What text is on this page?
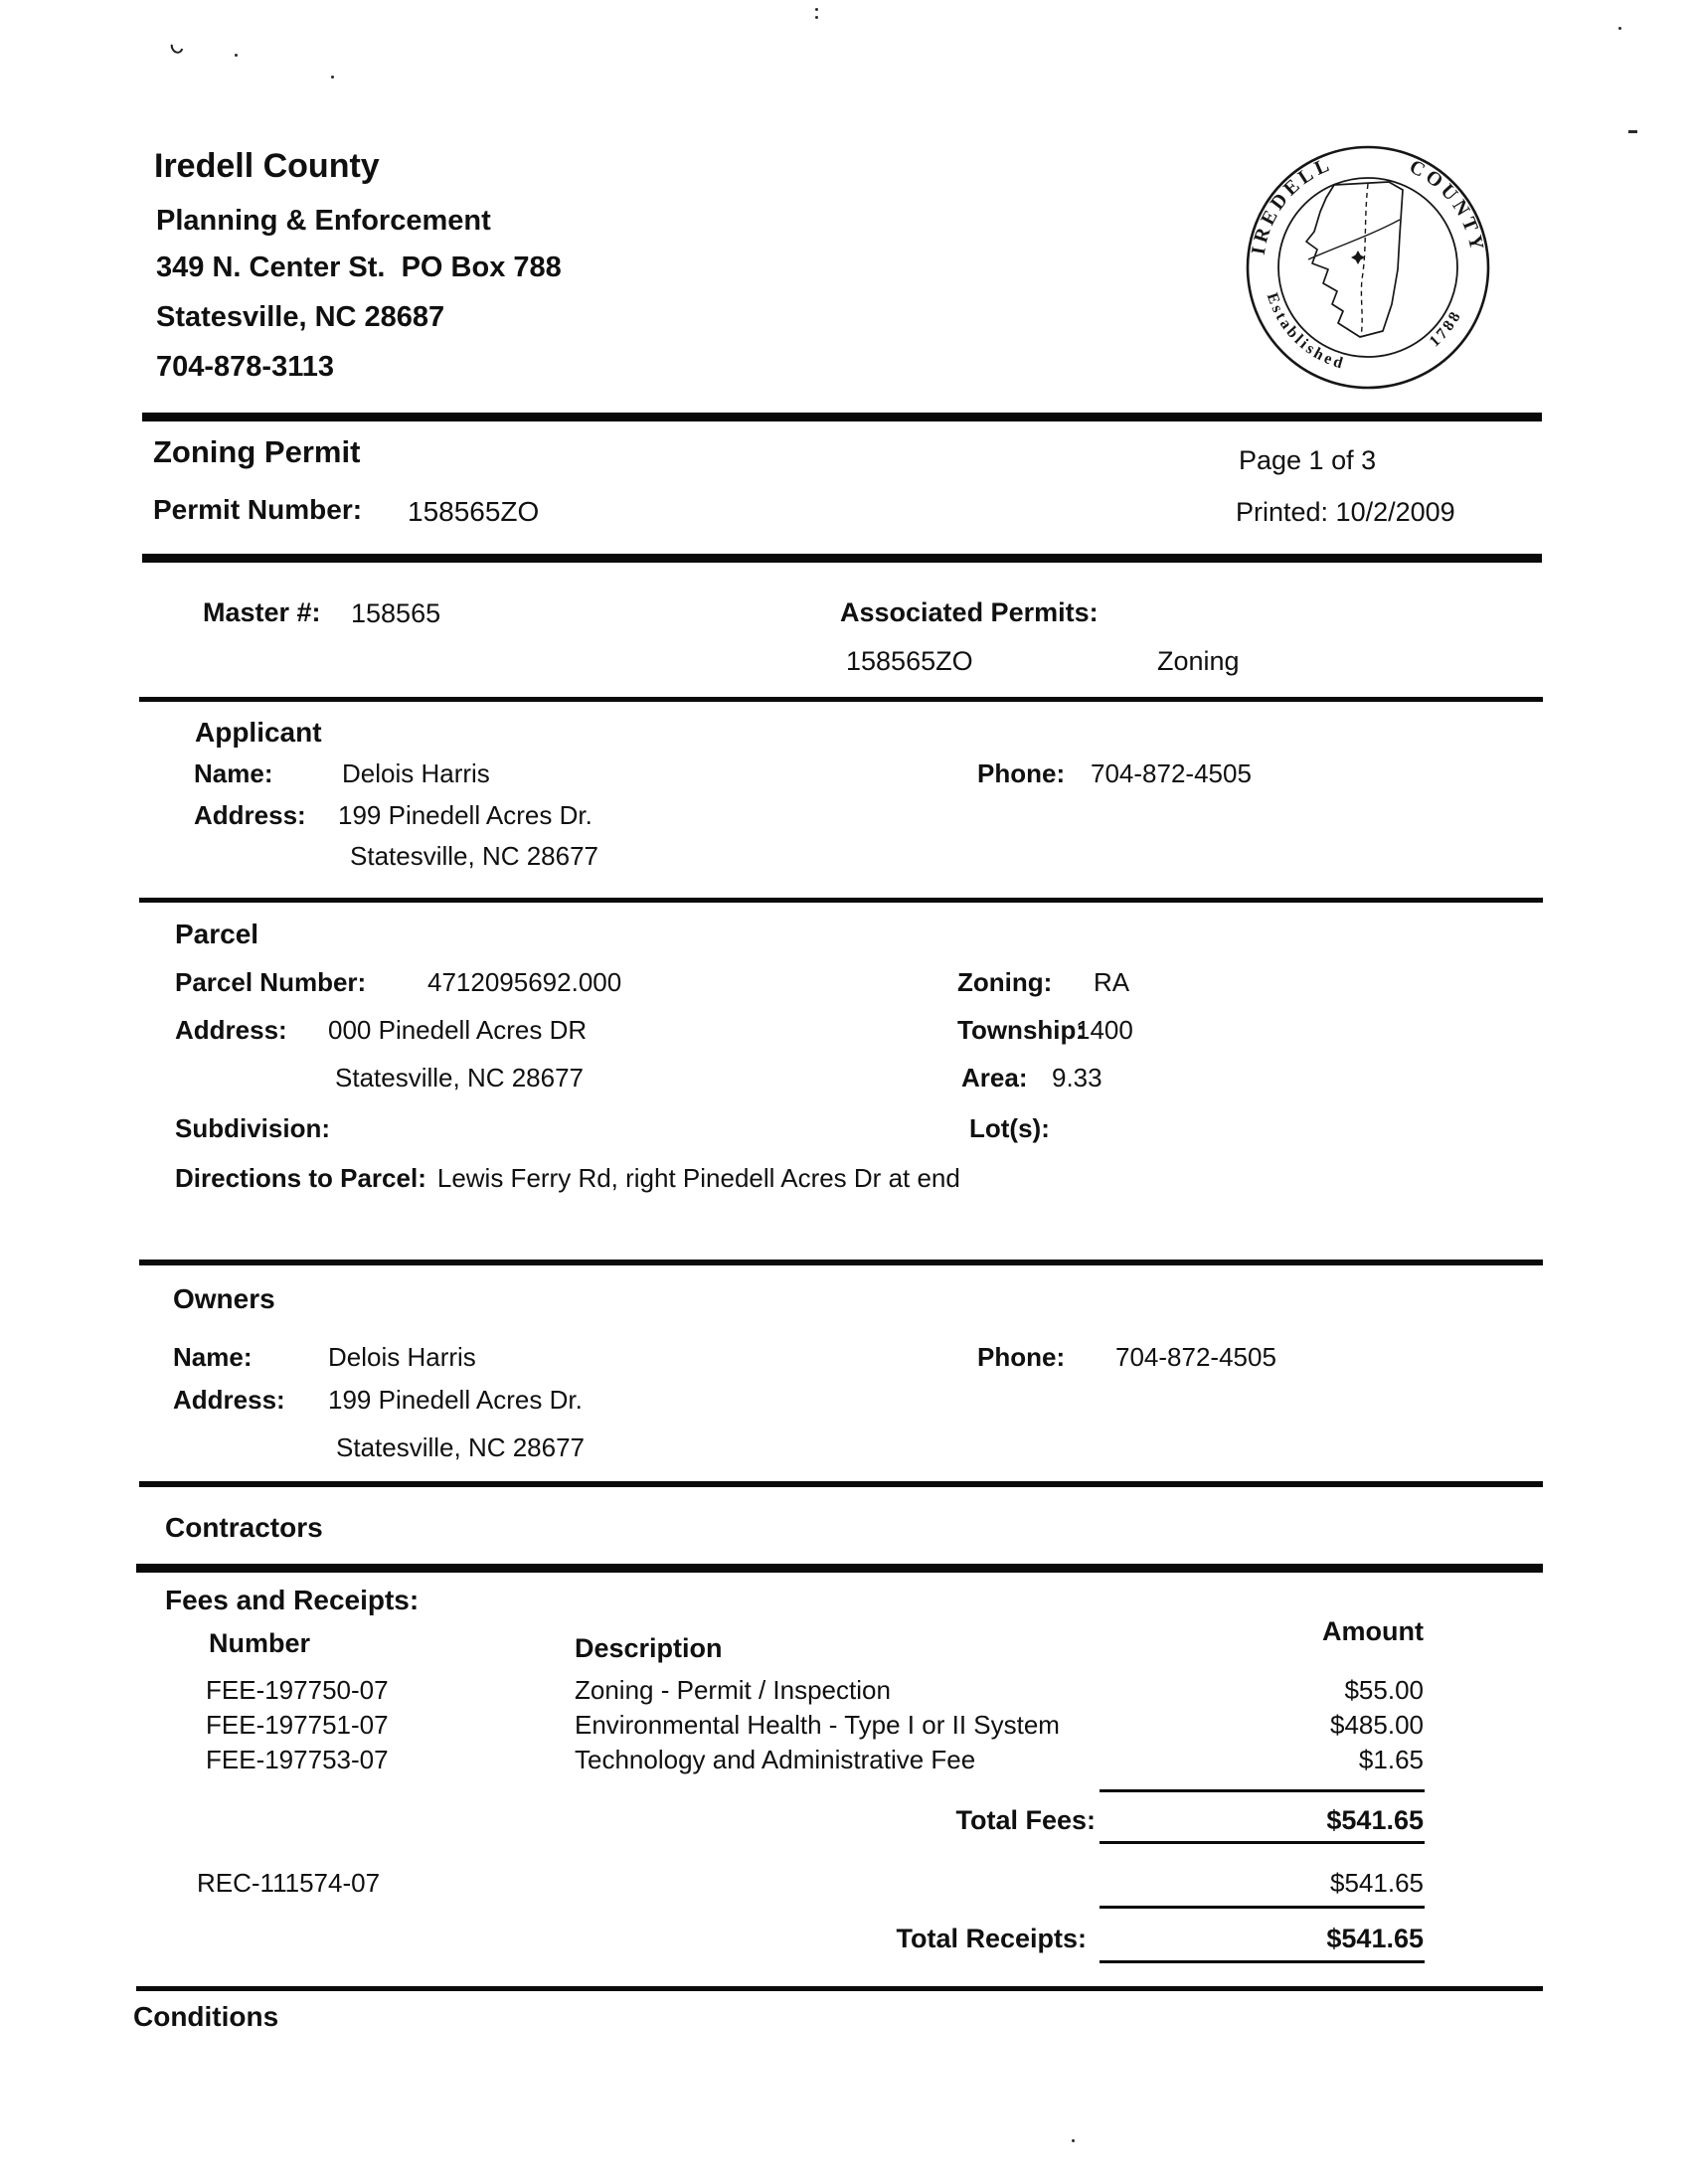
Iredell County
Planning & Enforcement
349 N. Center St.  PO Box 788
Statesville, NC 28687
704-878-3113
IREDELL	COUNTY
Established
1788
Zoning Permit	Page 1 of 3
Permit Number: 158565ZO	Printed: 10/2/2009
Master #: 158565	Associated Permits:
158565ZO	Zoning
Applicant
Name:	Delois Harris	Phone: 704-872-4505
Address: 199 Pinedell Acres Dr.
Statesville, NC 28677
Parcel
Parcel Number: 4712095692.000	Zoning: RA
Address: 000 Pinedell Acres DR	Township:
1400
Statesville, NC 28677	Area: 9.33
Subdivision:	Lot(s):
Directions to Parcel: Lewis Ferry Rd, right Pinedell Acres Dr at end
Owners
Name:	Delois Harris	Phone: 704-872-4505
Address: 199 Pinedell Acres Dr.
Statesville, NC 28677
Contractors
Fees and Receipts:
Number	Description
Amount
FEE-197750-07	Zoning - Permit / Inspection	$55.00
FEE-197751-07	Environmental Health - Type I or II System	$485.00
FEE-197753-07	Technology and Administrative Fee	$1.65
Total Fees:	$541.65
REC-111574-07	$541.65
Total Receipts:	$541.65
Conditions
